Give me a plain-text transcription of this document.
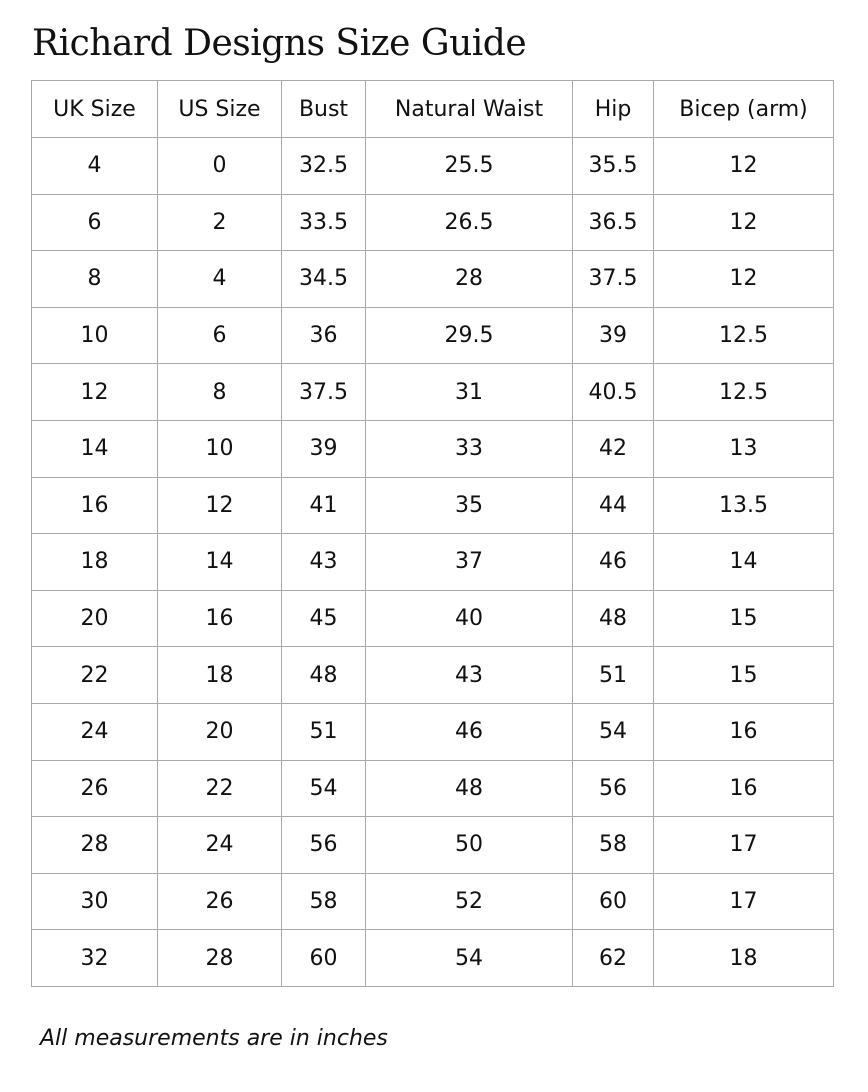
Richard Designs Size Guide
UK Size	US Size	Bust	Natural Waist	Hip	Bicep (arm)
4	0	32.5	25.5	35.5	12
6	2	33.5	26.5	36.5	12
8	4	34.5	28	37.5	12
10	6	36	29.5	39	12.5
12	8	37.5	31	40.5	12.5
14	10	39	33	42	13
16	12	41	35	44	13.5
18	14	43	37	46	14
20	16	45	40	48	15
22	18	48	43	51	15
24	20	51	46	54	16
26	22	54	48	56	16
28	24	56	50	58	17
30	26	58	52	60	17
32	28	60	54	62	18

All measurements are in inches
